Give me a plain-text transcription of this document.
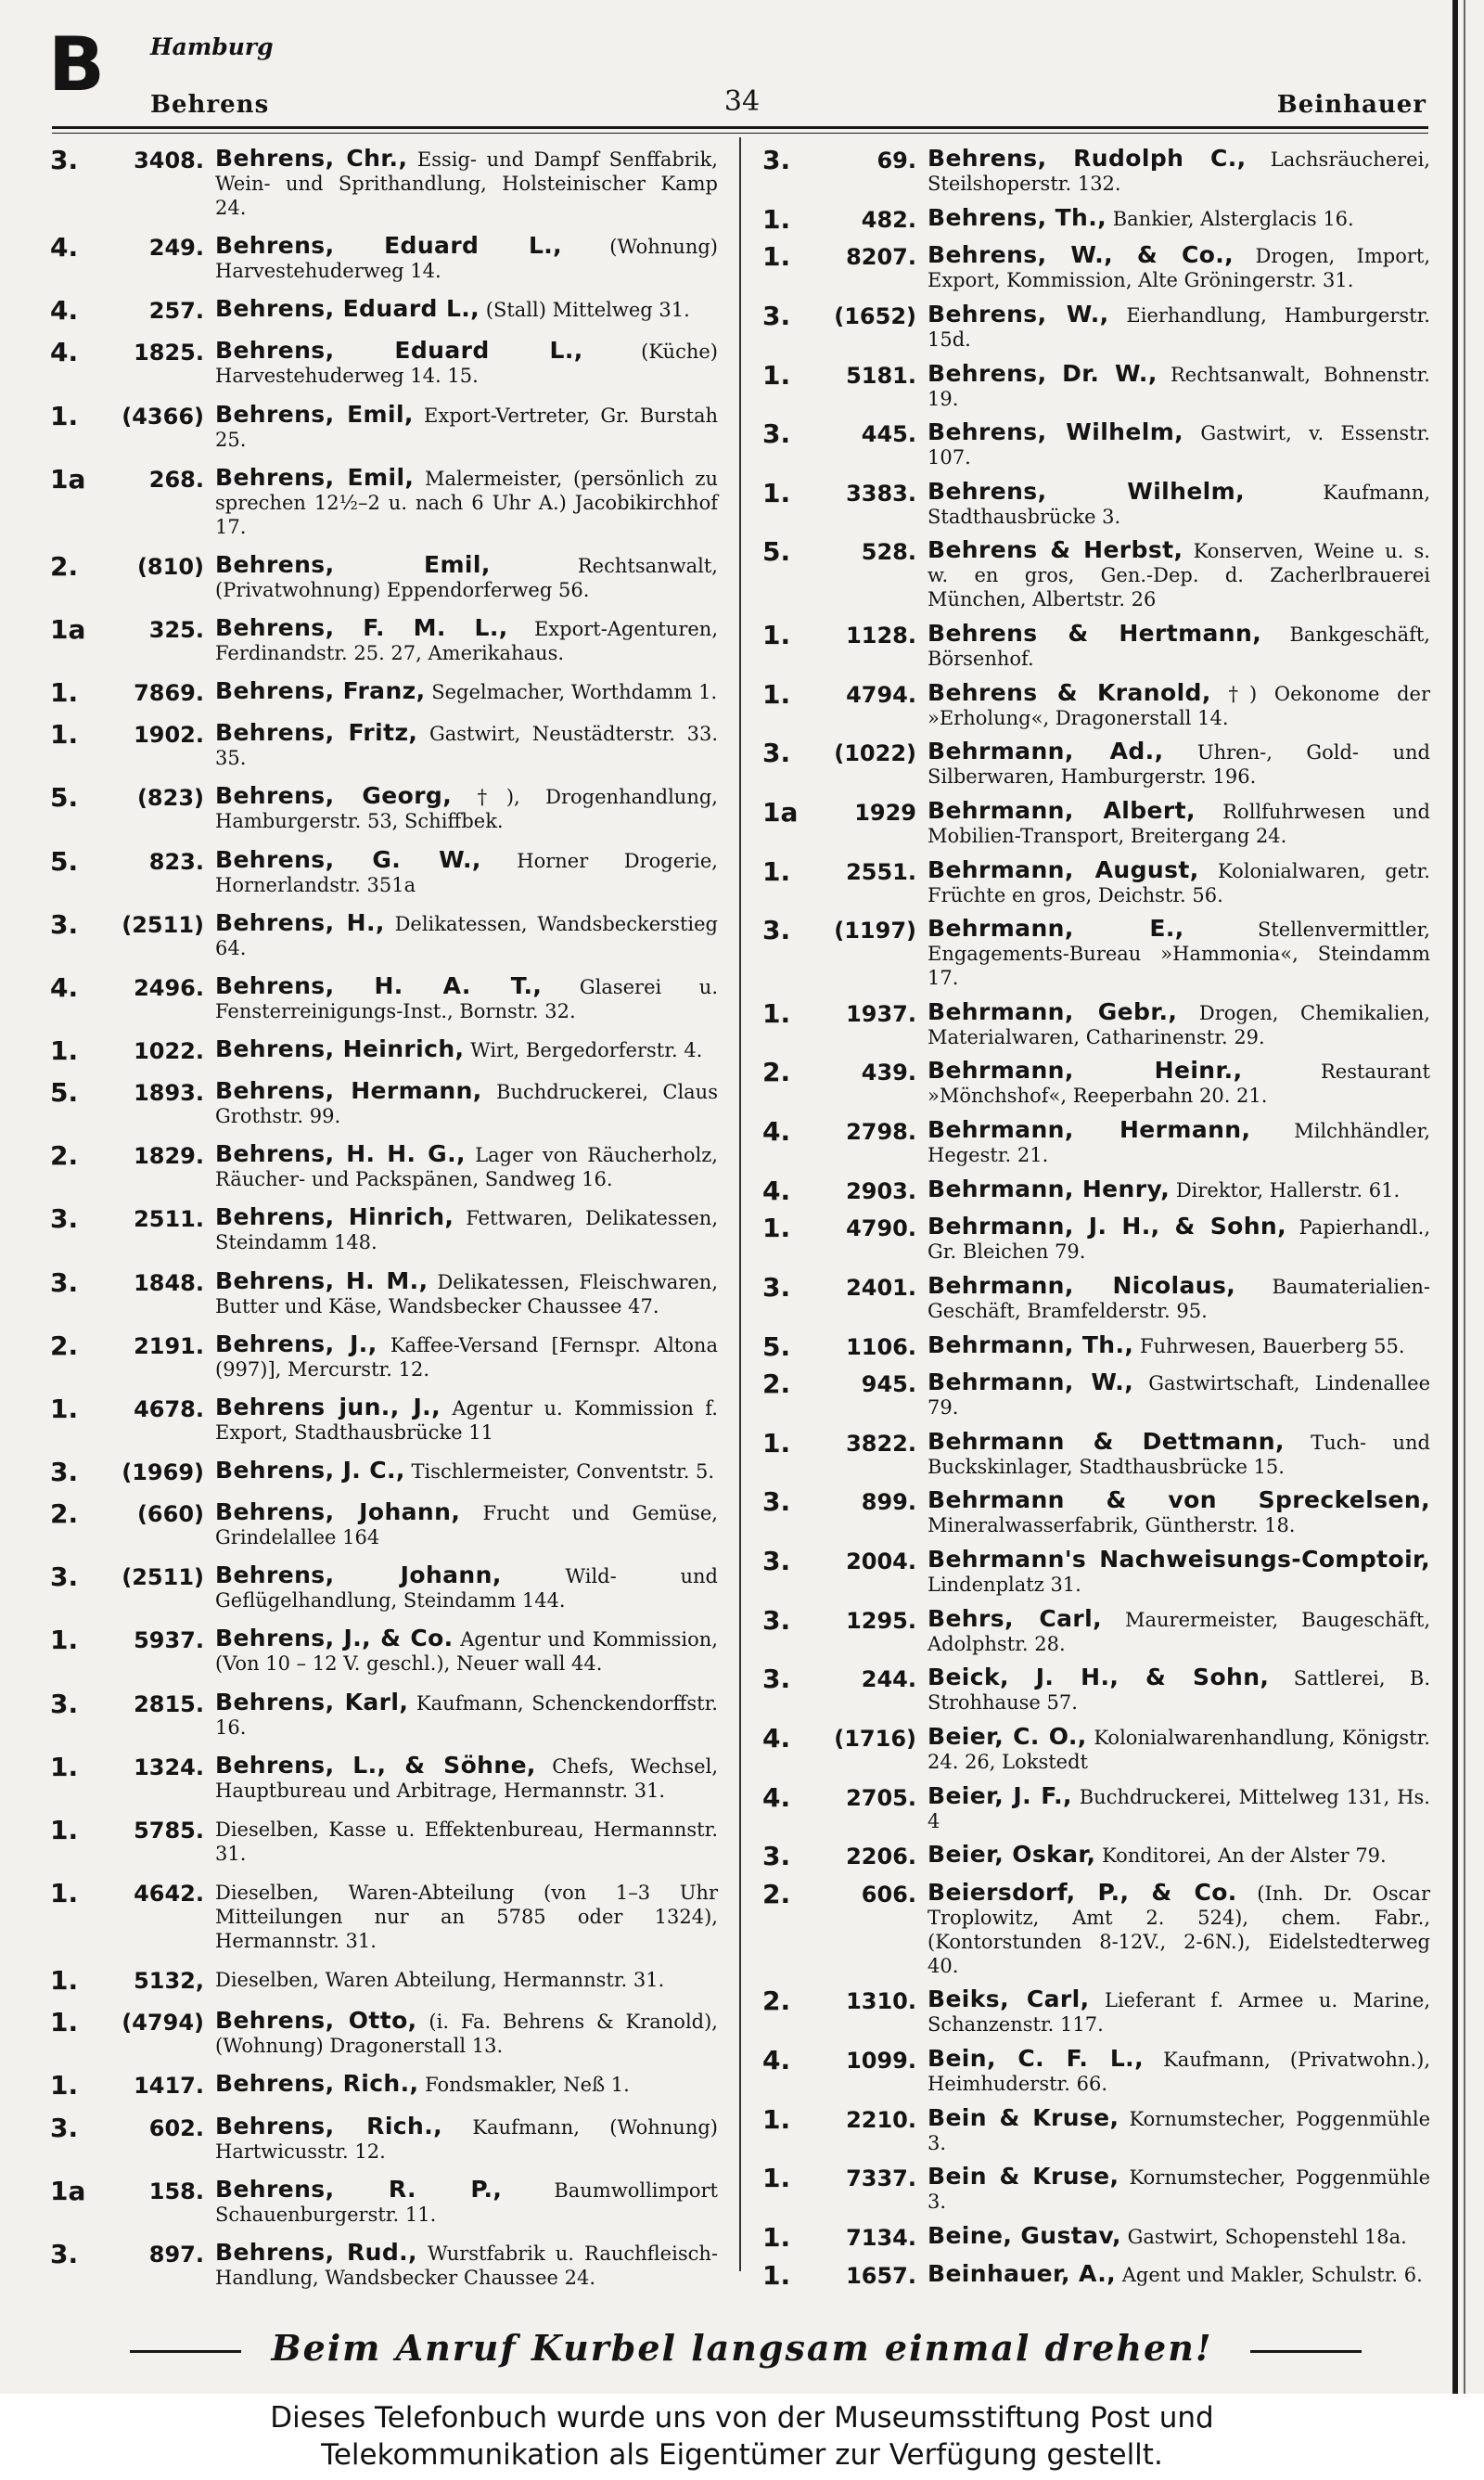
B Hamburg
Behrens	34	Beinhauer
3.	3408. Behrens, Chr., Essig- und Dampf Senffabrik, Wein- und Sprithandlung, Holsteinischer Kamp 24.
4.	249. Behrens, Eduard L., (Wohnung) Harvestehuderweg 14.
4.	257. Behrens, Eduard L., (Stall) Mittelweg 31.
4.	1825. Behrens, Eduard L.,	(Küche) Harvestehuderweg 14. 15.
1.	(4366) Behrens, Emil, Export-Vertreter, Gr. Burstah 25.
1a	268. Behrens, Emil, Malermeister, (persönlich zu sprechen 12½–2 u. nach 6 Uhr A.) Jacobikirchhof 17.
2.	(810) Behrens, Emil,	Rechtsanwalt, (Privatwohnung) Eppendorferweg 56.
1a	325. Behrens, F. M. L., Export-Agenturen, Ferdinandstr. 25. 27, Amerikahaus.
1.	7869. Behrens, Franz, Segelmacher, Worthdamm 1.
1.	1902. Behrens, Fritz, Gastwirt, Neustädterstr. 33. 35.
5.	(823) Behrens, Georg, †), Drogenhandlung, Hamburgerstr. 53, Schiffbek.
5.	823. Behrens, G. W., Horner Drogerie, Hornerlandstr. 351a
3.	(2511) Behrens, H., Delikatessen, Wandsbeckerstieg 64.
4.	2496. Behrens, H. A. T., Glaserei u. Fensterreinigungs-Inst., Bornstr. 32.
1.	1022. Behrens, Heinrich, Wirt, Bergedorferstr. 4.
5.	1893. Behrens, Hermann, Buchdruckerei, Claus Grothstr. 99.
2.	1829. Behrens, H. H. G., Lager von Räucherholz, Räucher- und Packspänen, Sandweg 16.
3.	2511. Behrens, Hinrich, Fettwaren, Delikatessen, Steindamm 148.
3.	1848. Behrens, H. M., Delikatessen, Fleischwaren, Butter und Käse, Wandsbecker Chaussee 47.
2.	2191. Behrens, J., Kaffee-Versand [Fernspr. Altona (997)], Mercurstr. 12.
1.	4678. Behrens jun., J., Agentur u. Kommission f. Export, Stadthausbrücke 11
3.	(1969) Behrens, J. C., Tischlermeister, Conventstr. 5.
2.	(660) Behrens, Johann, Frucht und Gemüse, Grindelallee 164
3.	(2511) Behrens, Johann,	Wild- und Geflügelhandlung, Steindamm 144.
1.	5937. Behrens, J., & Co. Agentur und Kommission, (Von 10 – 12 V. geschl.), Neuer wall 44.
3.	2815. Behrens, Karl, Kaufmann, Schenckendorffstr. 16.
1.	1324. Behrens, L., & Söhne, Chefs, Wechsel, Hauptbureau und Arbitrage, Hermannstr. 31.
1.	5785. Dieselben, Kasse u. Effektenbureau, Hermannstr. 31.
1.	4642. Dieselben, Waren-Abteilung (von 1–3 Uhr Mitteilungen nur an 5785 oder 1324), Hermannstr. 31.
1.	5132, Dieselben, Waren Abteilung, Hermannstr. 31.
1.	(4794) Behrens, Otto, (i. Fa. Behrens & Kranold), (Wohnung) Dragonerstall 13.
1.	1417. Behrens, Rich., Fondsmakler, Neß 1.
3.	602. Behrens, Rich., Kaufmann, (Wohnung) Hartwicusstr. 12.
1a	158. Behrens, R. P.,	Baumwollimport Schauenburgerstr. 11.
3.	897. Behrens, Rud., Wurstfabrik u. Rauchfleisch-Handlung, Wandsbecker Chaussee 24.
3.	69. Behrens, Rudolph C., Lachsräucherei, Steilshoperstr. 132.
1.	482. Behrens, Th., Bankier, Alsterglacis 16.
1.	8207. Behrens, W., & Co., Drogen, Import, Export, Kommission, Alte Gröningerstr. 31.
3.	(1652) Behrens, W., Eierhandlung, Hamburgerstr. 15d.
1.	5181. Behrens, Dr. W., Rechtsanwalt, Bohnenstr. 19.
3.	445. Behrens, Wilhelm, Gastwirt, v. Essenstr. 107.
1.	3383. Behrens, Wilhelm,	Kaufmann, Stadthausbrücke 3.
5.	528. Behrens & Herbst, Konserven, Weine u. s. w. en gros, Gen.-Dep. d. Zacherlbrauerei München, Albertstr. 26
1.	1128. Behrens & Hertmann, Bankgeschäft, Börsenhof.
1.	4794. Behrens & Kranold, †) Oekonome der »Erholung«, Dragonerstall 14.
3.	(1022) Behrmann, Ad., Uhren-, Gold- und Silberwaren, Hamburgerstr. 196.
1a	1929 Behrmann, Albert, Rollfuhrwesen und Mobilien-Transport, Breitergang 24.
1.	2551. Behrmann, August, Kolonialwaren, getr. Früchte en gros, Deichstr. 56.
3.	(1197) Behrmann, E.,	Stellenvermittler, Engagements-Bureau »Hammonia«, Steindamm 17.
1.	1937. Behrmann, Gebr., Drogen, Chemikalien, Materialwaren, Catharinenstr. 29.
2.	439. Behrmann, Heinr.,	Restaurant »Mönchshof«, Reeperbahn 20. 21.
4.	2798. Behrmann, Hermann, Milchhändler, Hegestr. 21.
4.	2903. Behrmann, Henry, Direktor, Hallerstr. 61.
1.	4790. Behrmann, J. H., & Sohn, Papierhandl., Gr. Bleichen 79.
3.	2401. Behrmann, Nicolaus, Baumaterialien-Geschäft, Bramfelderstr. 95.
5.	1106. Behrmann, Th., Fuhrwesen, Bauerberg 55.
2.	945. Behrmann, W., Gastwirtschaft, Lindenallee 79.
1.	3822. Behrmann & Dettmann, Tuch- und Buckskinlager, Stadthausbrücke 15.
3.	899. Behrmann & von Spreckelsen, Mineralwasserfabrik, Güntherstr. 18.
3.	2004. Behrmann's Nachweisungs-Comptoir, Lindenplatz 31.
3.	1295. Behrs, Carl, Maurermeister, Baugeschäft, Adolphstr. 28.
3.	244. Beick, J. H., & Sohn, Sattlerei, B. Strohhause 57.
4.	(1716) Beier, C. O., Kolonialwarenhandlung, Königstr. 24. 26, Lokstedt
4.	2705. Beier, J. F., Buchdruckerei, Mittelweg 131, Hs. 4
3.	2206. Beier, Oskar, Konditorei, An der Alster 79.
2.	606. Beiersdorf, P., & Co. (Inh. Dr. Oscar Troplowitz, Amt 2. 524), chem. Fabr., (Kontorstunden 8-12V., 2-6N.), Eidelstedterweg 40.
2.	1310. Beiks, Carl, Lieferant f. Armee u. Marine, Schanzenstr. 117.
4.	1099. Bein, C. F. L., Kaufmann, (Privatwohn.), Heimhuderstr. 66.
1.	2210. Bein & Kruse, Kornumstecher, Poggenmühle 3.
1.	7337. Bein & Kruse, Kornumstecher, Poggenmühle 3.
1.	7134. Beine, Gustav, Gastwirt, Schopenstehl 18a.
1.	1657. Beinhauer, A., Agent und Makler, Schulstr. 6.
Beim Anruf Kurbel langsam einmal drehen!
Dieses Telefonbuch wurde uns von der Museumsstiftung Post und
Telekommunikation als Eigentümer zur Verfügung gestellt.
